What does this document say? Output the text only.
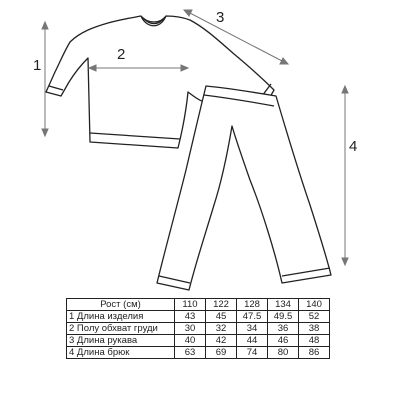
1
2
3
4
Рост (см)	110	122	128	134	140
1 Длина изделия	43	45	47.5	49.5	52
2 Полу обхват груди	30	32	34	36	38
3 Длина рукава	40	42	44	46	48
4 Длина брюк	63	69	74	80	86
